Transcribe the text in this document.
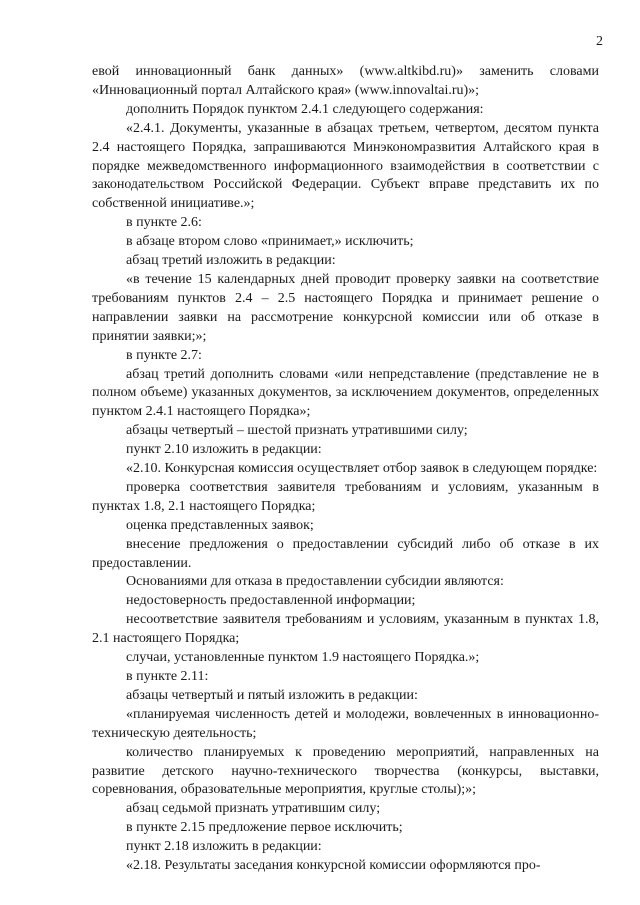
2

евой инновационный банк данных» (www.altkibd.ru)» заменить словами «Инновационный портал Алтайского края» (www.innovaltai.ru)»;

дополнить Порядок пунктом 2.4.1 следующего содержания:

«2.4.1. Документы, указанные в абзацах третьем, четвертом, десятом пункта 2.4 настоящего Порядка, запрашиваются Минэкономразвития Алтайского края в порядке межведомственного информационного взаимодействия в соответствии с законодательством Российской Федерации. Субъект вправе представить их по собственной инициативе.»;

в пункте 2.6:

в абзаце втором слово «принимает,» исключить;

абзац третий изложить в редакции:

«в течение 15 календарных дней проводит проверку заявки на соответствие требованиям пунктов 2.4 – 2.5 настоящего Порядка и принимает решение о направлении заявки на рассмотрение конкурсной комиссии или об отказе в принятии заявки;»;

в пункте 2.7:

абзац третий дополнить словами «или непредставление (представление не в полном объеме) указанных документов, за исключением документов, определенных пунктом 2.4.1 настоящего Порядка»;

абзацы четвертый – шестой признать утратившими силу;

пункт 2.10 изложить в редакции:

«2.10. Конкурсная комиссия осуществляет отбор заявок в следующем порядке:

проверка соответствия заявителя требованиям и условиям, указанным в пунктах 1.8, 2.1 настоящего Порядка;

оценка представленных заявок;

внесение предложения о предоставлении субсидий либо об отказе в их предоставлении.

Основаниями для отказа в предоставлении субсидии являются:

недостоверность предоставленной информации;

несоответствие заявителя требованиям и условиям, указанным в пунктах 1.8, 2.1 настоящего Порядка;

случаи, установленные пунктом 1.9 настоящего Порядка.»;

в пункте 2.11:

абзацы четвертый и пятый изложить в редакции:

«планируемая численность детей и молодежи, вовлеченных в инновационно-техническую деятельность;

количество планируемых к проведению мероприятий, направленных на развитие детского научно-технического творчества (конкурсы, выставки, соревнования, образовательные мероприятия, круглые столы);»;

абзац седьмой признать утратившим силу;

в пункте 2.15 предложение первое исключить;

пункт 2.18 изложить в редакции:

«2.18. Результаты заседания конкурсной комиссии оформляются про-
